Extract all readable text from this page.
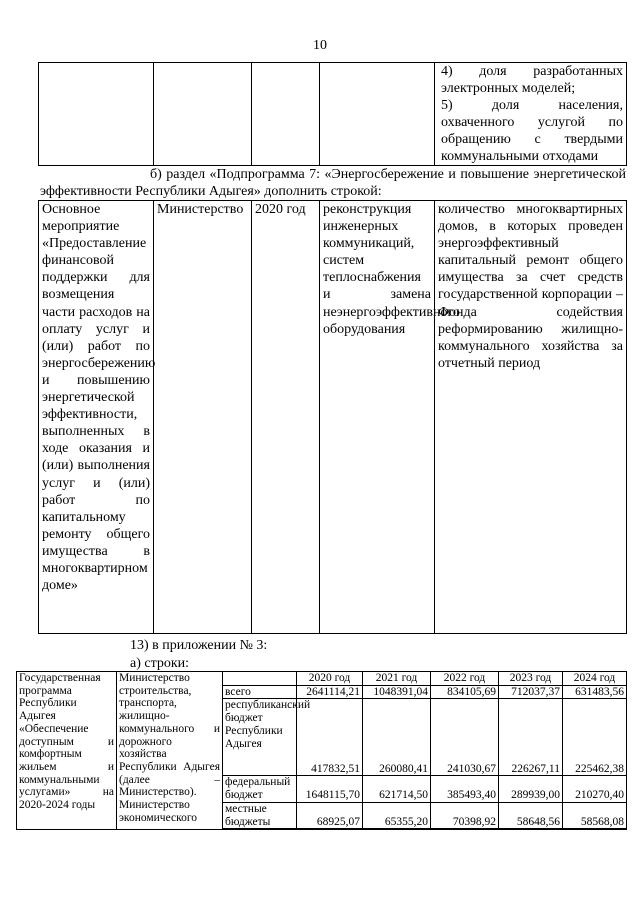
10
				4) доля разработанных электронных моделей;
5) доля населения, охваченного услугой по обращению с твердыми коммунальными отходами
б) раздел «Подпрограмма 7: «Энергосбережение и повышение энергетической эффективности Республики Адыгея» дополнить строкой:
Основное мероприятие «Предоставление финансовой поддержки для возмещения части расходов на оплату услуг и (или) работ по энергосбережению и повышению энергетической эффективности, выполненных в ходе оказания и (или) выполнения услуг и (или) работ по капитальному ремонту общего имущества в многоквартирном доме»	Министерство	2020 год	реконструкция инженерных коммуникаций, систем теплоснабжения и замена неэнергоэффективного оборудования	количество многоквартирных домов, в которых проведен энергоэффективный капитальный ремонт общего имущества за счет средств государственной корпорации – Фонда содействия реформированию жилищно-коммунального хозяйства за отчетный период
13) в приложении № 3:
а) строки:
Государственная программа Республики Адыгея «Обеспечение доступным и комфортным жильем и коммунальными услугами» на 2020-2024 годы	Министерство строительства, транспорта, жилищно-коммунального и дорожного хозяйства Республики Адыгея (далее – Министерство). Министерство экономического		2020 год	2021 год	2022 год	2023 год	2024 год
		всего	2641114,21	1048391,04	834105,69	712037,37	631483,56
		республиканский бюджет Республики Адыгея	417832,51	260080,41	241030,67	226267,11	225462,38
		федеральный бюджет	1648115,70	621714,50	385493,40	289939,00	210270,40
		местные бюджеты	68925,07	65355,20	70398,92	58648,56	58568,08
